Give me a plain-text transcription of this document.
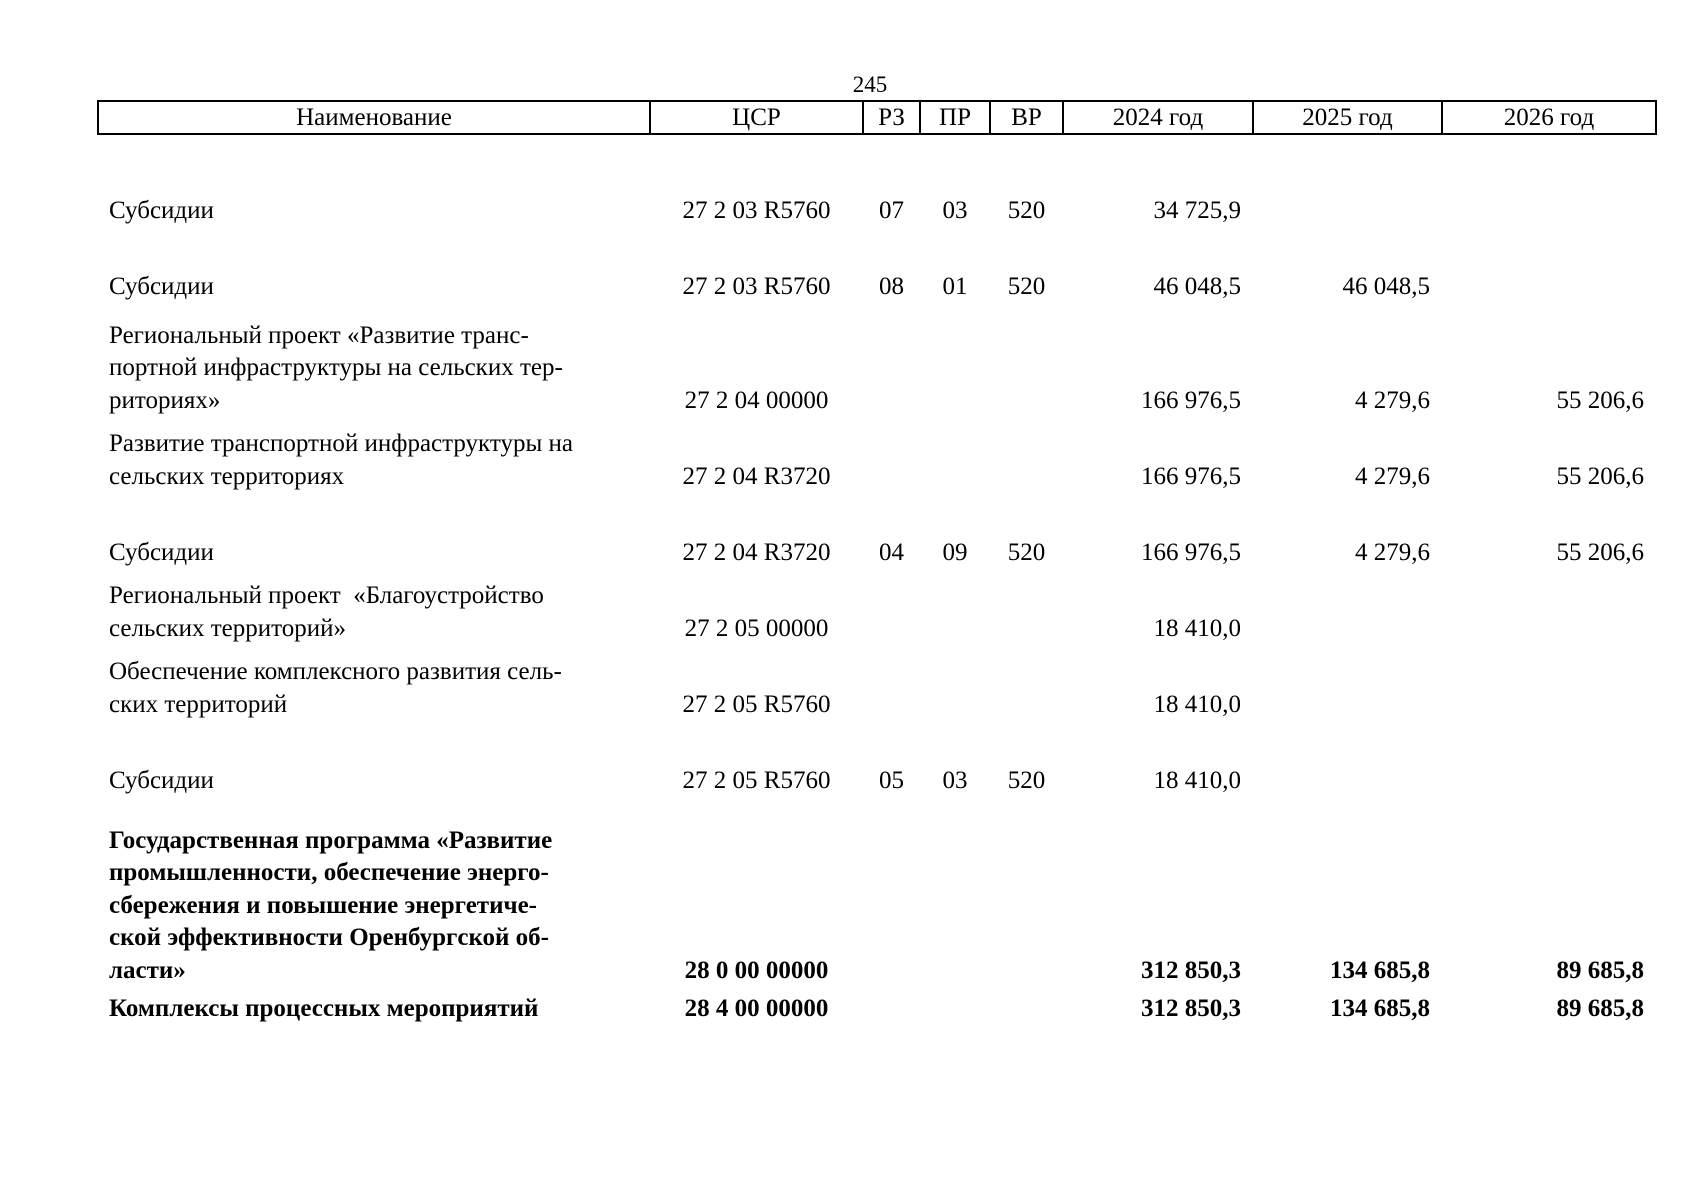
245
Наименование	ЦСР	РЗ	ПР	ВР	2024 год	2025 год	2026 год
Субсидии	27 2 03 R5760	07	03	520	34 725,9		
Субсидии	27 2 03 R5760	08	01	520	46 048,5	46 048,5	
Региональный проект «Развитие транс-
портной инфраструктуры на сельских тер-
риториях»	27 2 04 00000				166 976,5	4 279,6	55 206,6
Развитие транспортной инфраструктуры на
сельских территориях	27 2 04 R3720				166 976,5	4 279,6	55 206,6
Субсидии	27 2 04 R3720	04	09	520	166 976,5	4 279,6	55 206,6
Региональный проект  «Благоустройство
сельских территорий»	27 2 05 00000				18 410,0		
Обеспечение комплексного развития сель-
ских территорий	27 2 05 R5760				18 410,0		
Субсидии	27 2 05 R5760	05	03	520	18 410,0		
Государственная программа «Развитие
промышленности, обеспечение энерго-
сбережения и повышение энергетиче-
ской эффективности Оренбургской об-
ласти»	28 0 00 00000				312 850,3	134 685,8	89 685,8
Комплексы процессных мероприятий	28 4 00 00000				312 850,3	134 685,8	89 685,8
